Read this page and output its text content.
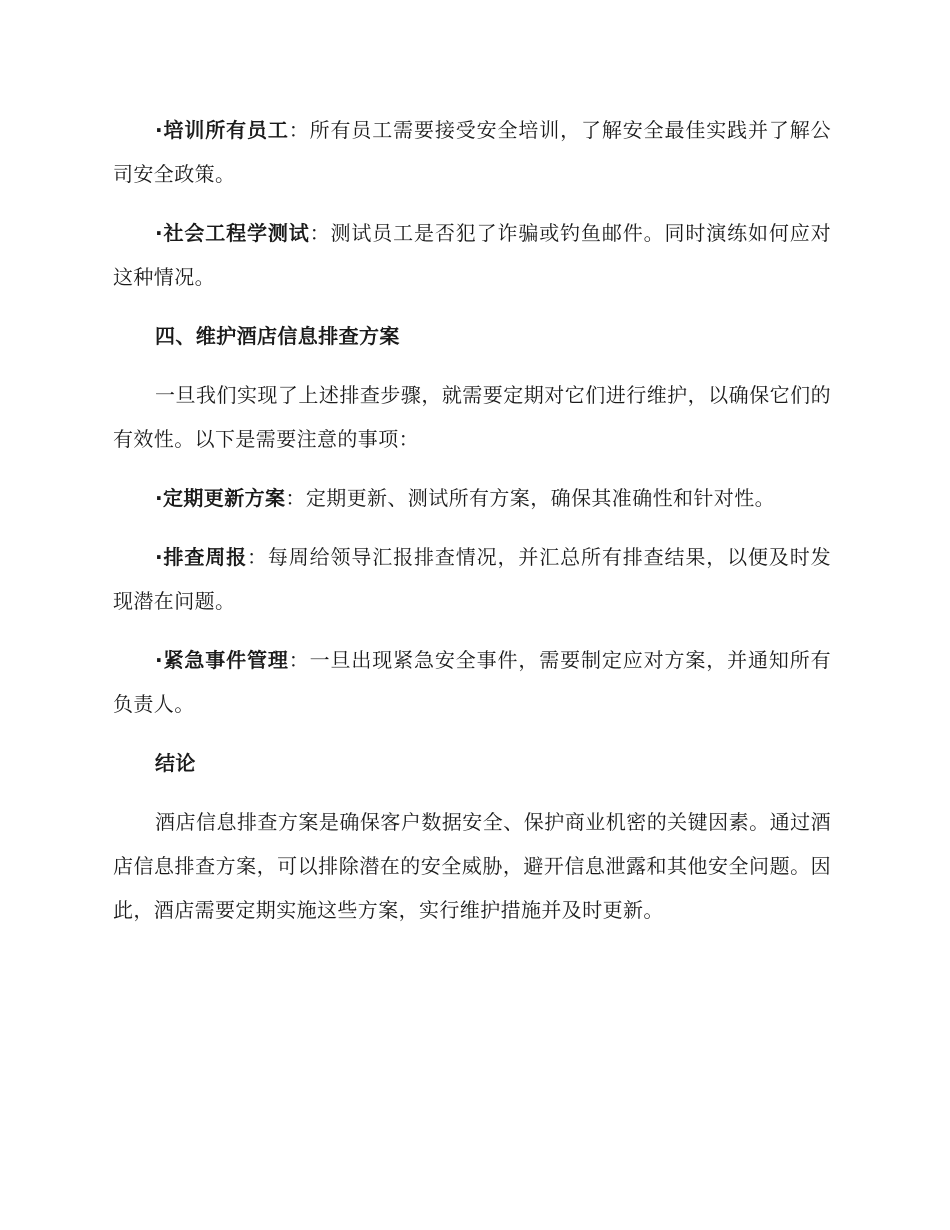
·培训所有员工：所有员工需要接受安全培训，了解安全最佳实践并了解公司安全政策。

·社会工程学测试：测试员工是否犯了诈骗或钓鱼邮件。同时演练如何应对这种情况。

四、维护酒店信息排查方案

一旦我们实现了上述排查步骤，就需要定期对它们进行维护，以确保它们的有效性。以下是需要注意的事项：

·定期更新方案：定期更新、测试所有方案，确保其准确性和针对性。

·排查周报：每周给领导汇报排查情况，并汇总所有排查结果，以便及时发现潜在问题。

·紧急事件管理：一旦出现紧急安全事件，需要制定应对方案，并通知所有负责人。

结论

酒店信息排查方案是确保客户数据安全、保护商业机密的关键因素。通过酒店信息排查方案，可以排除潜在的安全威胁，避开信息泄露和其他安全问题。因此，酒店需要定期实施这些方案，实行维护措施并及时更新。
